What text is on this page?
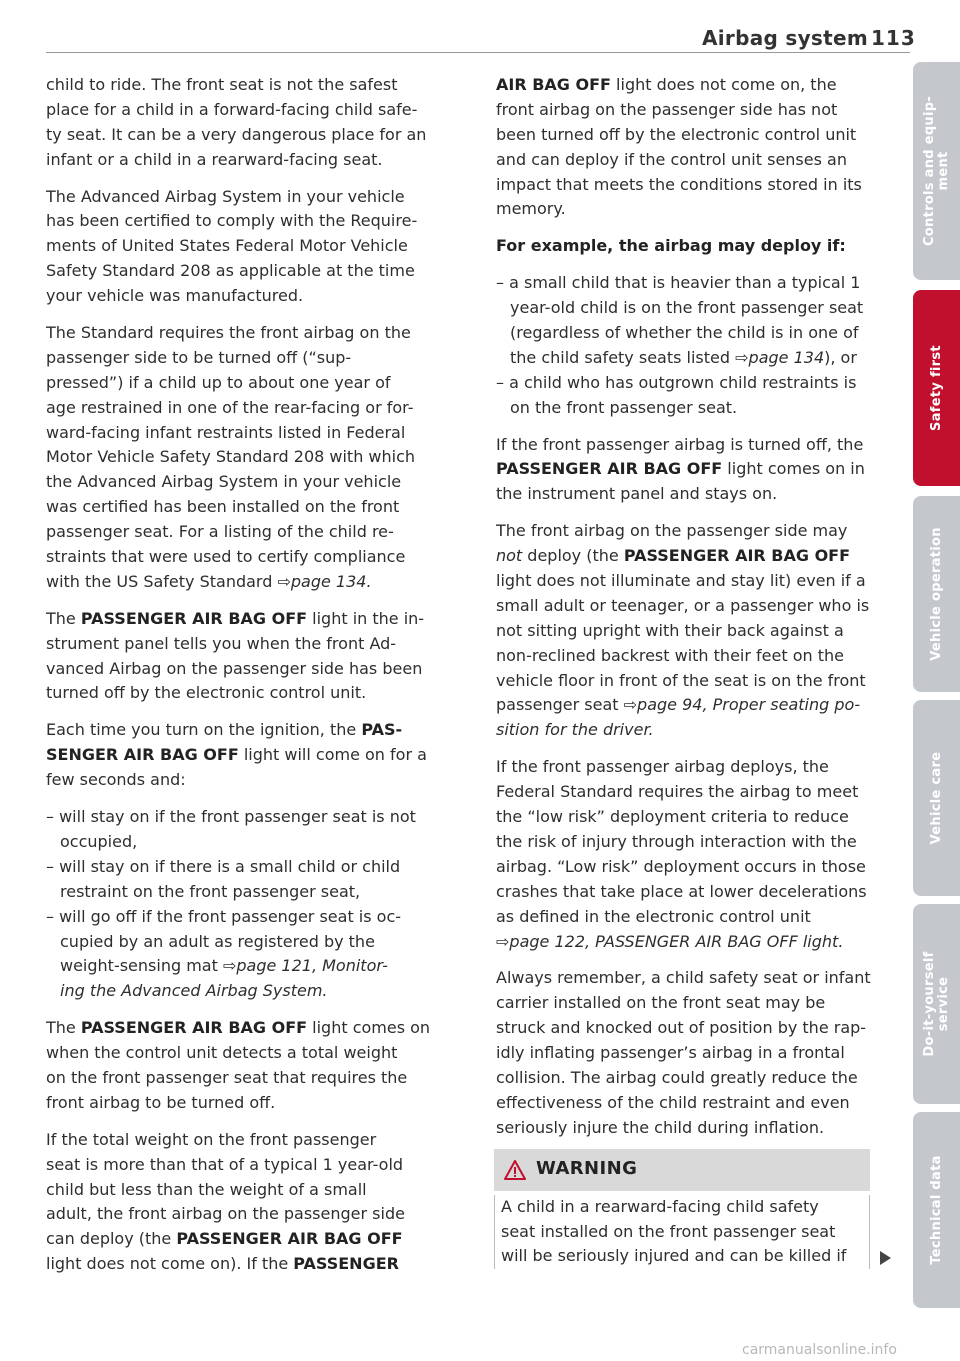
Airbag system 113
child to ride. The front seat is not the safest
place for a child in a forward-facing child safe-
ty seat. It can be a very dangerous place for an
infant or a child in a rearward-facing seat.
The Advanced Airbag System in your vehicle
has been certified to comply with the Require-
ments of United States Federal Motor Vehicle
Safety Standard 208 as applicable at the time
your vehicle was manufactured.
The Standard requires the front airbag on the
passenger side to be turned off (“sup-
pressed”) if a child up to about one year of
age restrained in one of the rear-facing or for-
ward-facing infant restraints listed in Federal
Motor Vehicle Safety Standard 208 with which
the Advanced Airbag System in your vehicle
was certified has been installed on the front
passenger seat. For a listing of the child re-
straints that were used to certify compliance
with the US Safety Standard ⇨page 134.
The PASSENGER AIR BAG OFF light in the in-
strument panel tells you when the front Ad-
vanced Airbag on the passenger side has been
turned off by the electronic control unit.
Each time you turn on the ignition, the PAS-
SENGER AIR BAG OFF light will come on for a
few seconds and:
– will stay on if the front passenger seat is not
occupied,
– will stay on if there is a small child or child
restraint on the front passenger seat,
– will go off if the front passenger seat is oc-
cupied by an adult as registered by the
weight-sensing mat ⇨page 121, Monitor-
ing the Advanced Airbag System.
The PASSENGER AIR BAG OFF light comes on
when the control unit detects a total weight
on the front passenger seat that requires the
front airbag to be turned off.
If the total weight on the front passenger
seat is more than that of a typical 1 year-old
child but less than the weight of a small
adult, the front airbag on the passenger side
can deploy (the PASSENGER AIR BAG OFF
light does not come on). If the PASSENGER
AIR BAG OFF light does not come on, the
front airbag on the passenger side has not
been turned off by the electronic control unit
and can deploy if the control unit senses an
impact that meets the conditions stored in its
memory.
For example, the airbag may deploy if:
– a small child that is heavier than a typical 1
year-old child is on the front passenger seat
(regardless of whether the child is in one of
the child safety seats listed ⇨page 134), or
– a child who has outgrown child restraints is
on the front passenger seat.
If the front passenger airbag is turned off, the
PASSENGER AIR BAG OFF light comes on in
the instrument panel and stays on.
The front airbag on the passenger side may
not deploy (the PASSENGER AIR BAG OFF
light does not illuminate and stay lit) even if a
small adult or teenager, or a passenger who is
not sitting upright with their back against a
non-reclined backrest with their feet on the
vehicle floor in front of the seat is on the front
passenger seat ⇨page 94, Proper seating po-
sition for the driver.
If the front passenger airbag deploys, the
Federal Standard requires the airbag to meet
the “low risk” deployment criteria to reduce
the risk of injury through interaction with the
airbag. “Low risk” deployment occurs in those
crashes that take place at lower decelerations
as defined in the electronic control unit
⇨page 122, PASSENGER AIR BAG OFF light.
Always remember, a child safety seat or infant
carrier installed on the front seat may be
struck and knocked out of position by the rap-
idly inflating passenger’s airbag in a frontal
collision. The airbag could greatly reduce the
effectiveness of the child restraint and even
seriously injure the child during inflation.
WARNING
A child in a rearward-facing child safety
seat installed on the front passenger seat
will be seriously injured and can be killed if
Controls and equip-
ment
Safety first
Vehicle operation
Vehicle care
Do-it-yourself
service
Technical data
carmanualsonline.info
